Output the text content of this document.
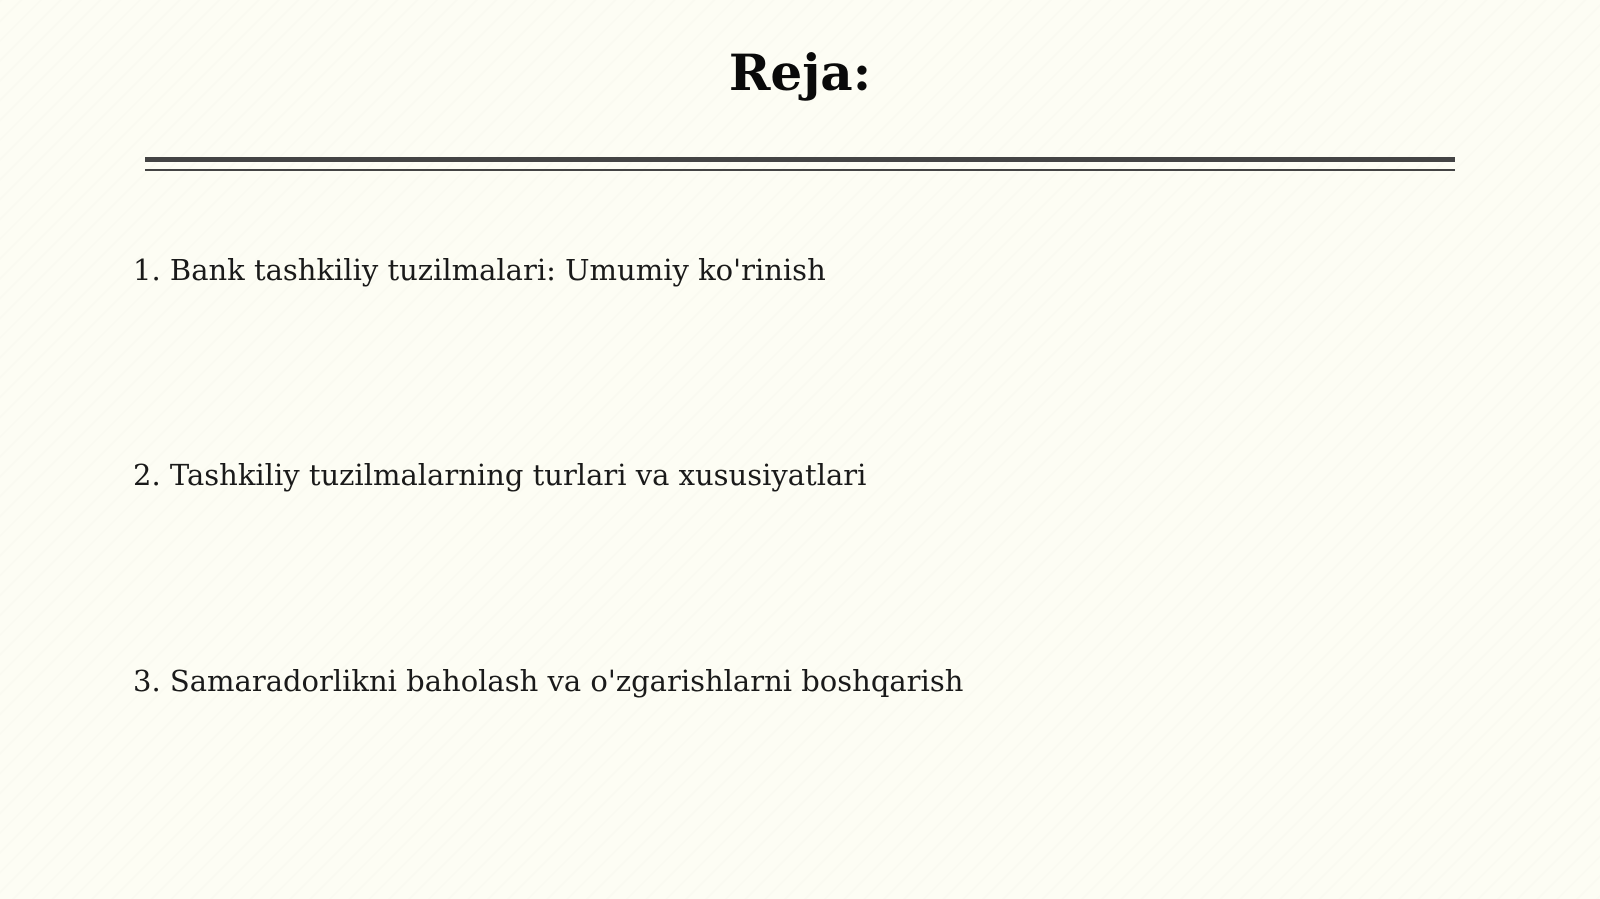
Reja:
1. Bank tashkiliy tuzilmalari: Umumiy ko'rinish
2. Tashkiliy tuzilmalarning turlari va xususiyatlari
3. Samaradorlikni baholash va o'zgarishlarni boshqarish
